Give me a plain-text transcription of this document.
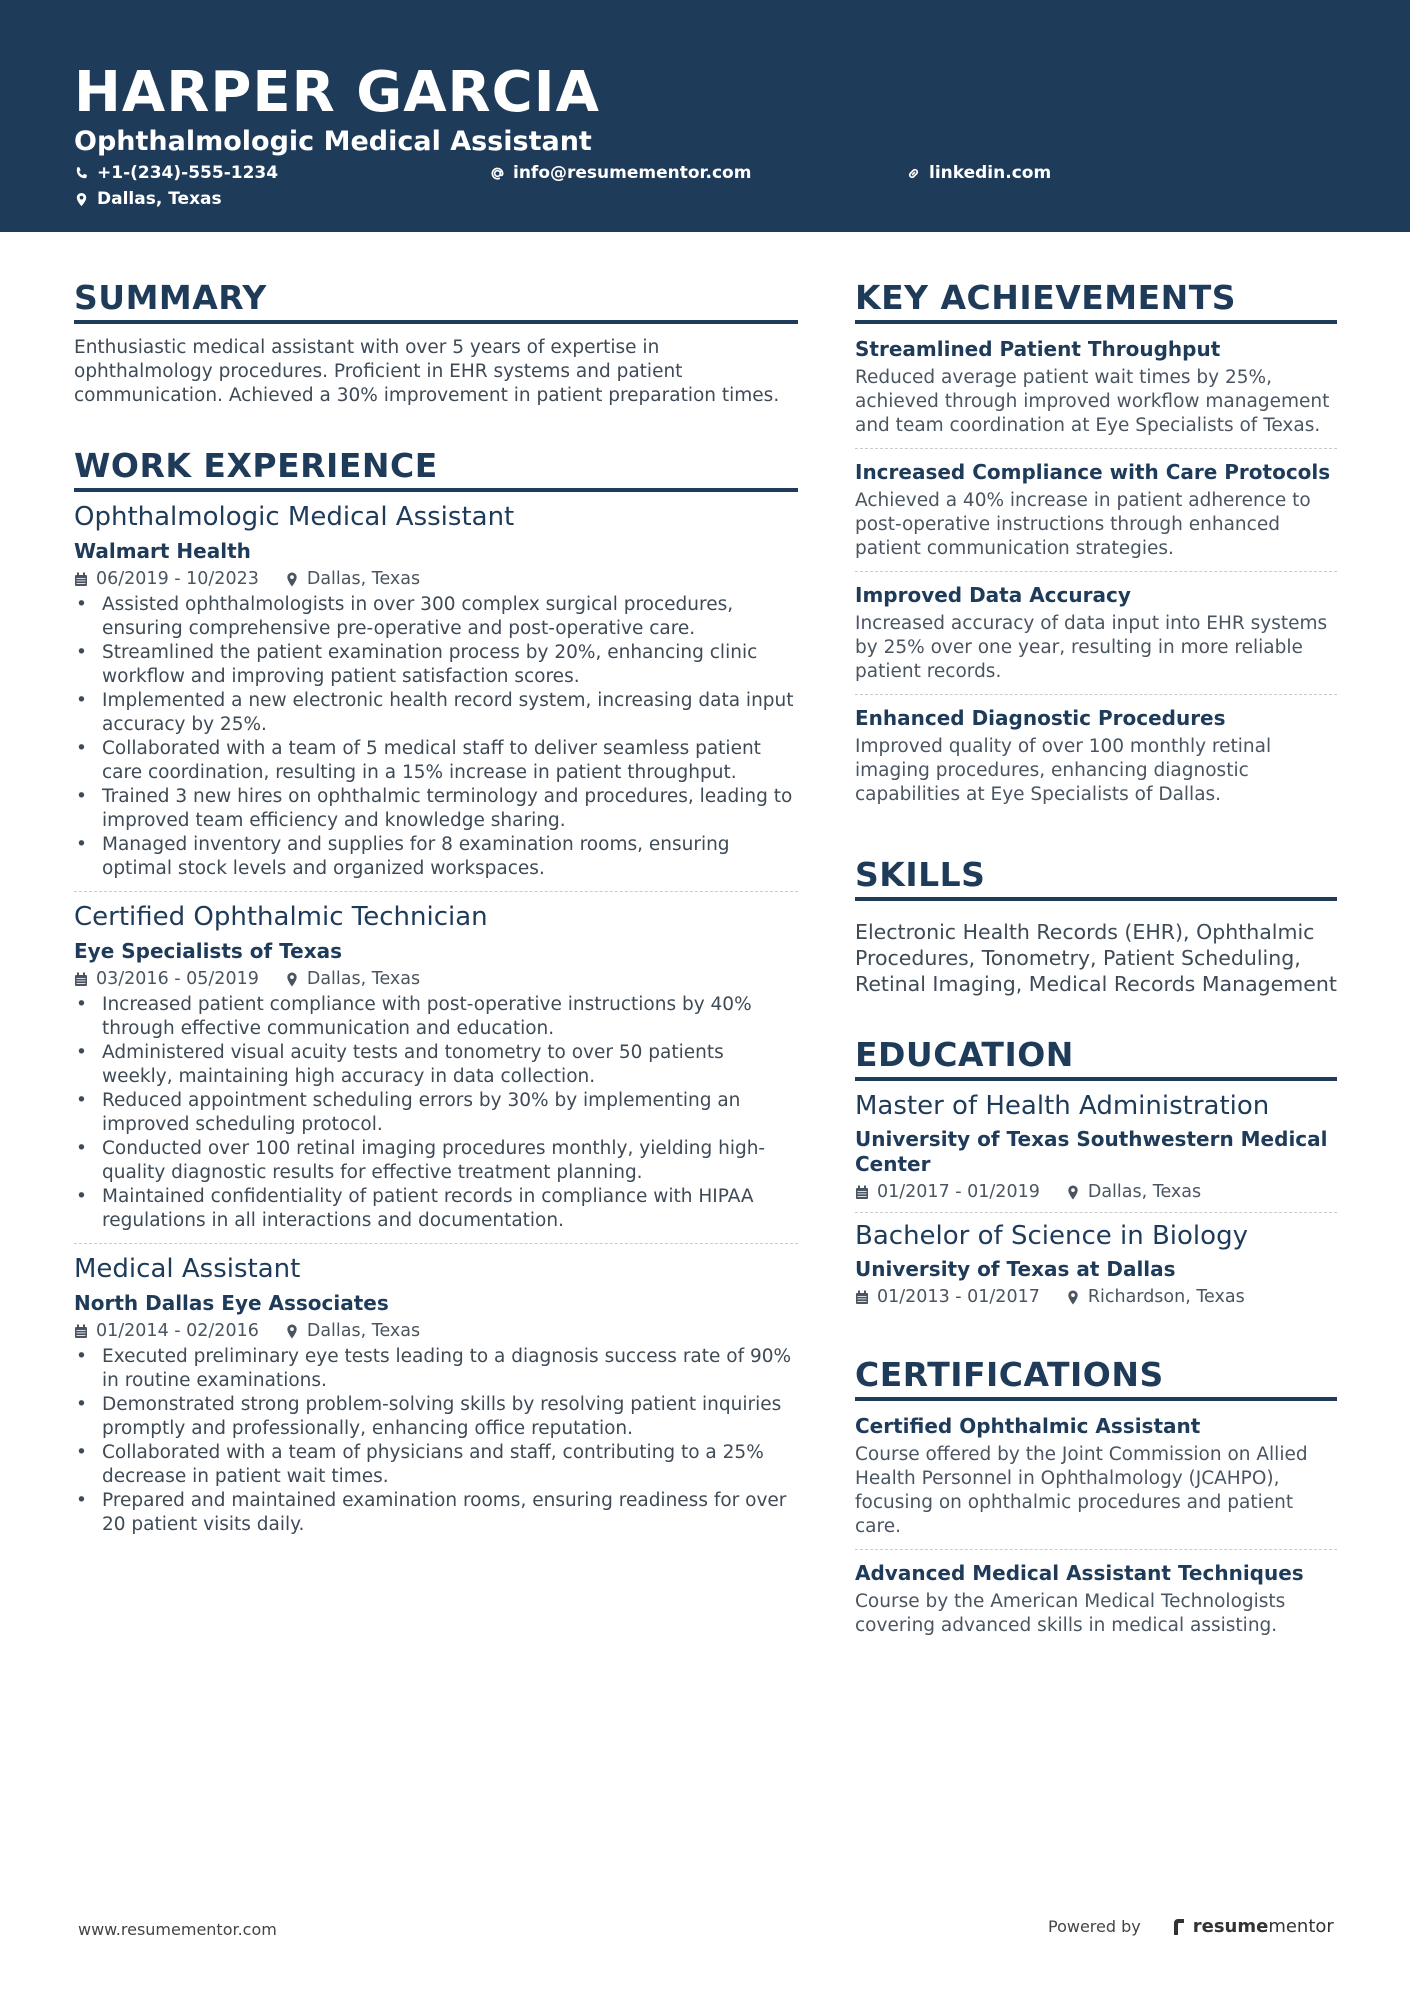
HARPER GARCIA
Ophthalmologic Medical Assistant
+1-(234)-555-1234	info@resumementor.com	linkedin.com
Dallas, Texas
SUMMARY
Enthusiastic medical assistant with over 5 years of expertise in ophthalmology procedures. Proficient in EHR systems and patient communication. Achieved a 30% improvement in patient preparation times.
WORK EXPERIENCE
Ophthalmologic Medical Assistant
Walmart Health
06/2019 - 10/2023	Dallas, Texas
• Assisted ophthalmologists in over 300 complex surgical procedures, ensuring comprehensive pre-operative and post-operative care.
• Streamlined the patient examination process by 20%, enhancing clinic workflow and improving patient satisfaction scores.
• Implemented a new electronic health record system, increasing data input accuracy by 25%.
• Collaborated with a team of 5 medical staff to deliver seamless patient care coordination, resulting in a 15% increase in patient throughput.
• Trained 3 new hires on ophthalmic terminology and procedures, leading to improved team efficiency and knowledge sharing.
• Managed inventory and supplies for 8 examination rooms, ensuring optimal stock levels and organized workspaces.
Certified Ophthalmic Technician
Eye Specialists of Texas
03/2016 - 05/2019	Dallas, Texas
• Increased patient compliance with post-operative instructions by 40% through effective communication and education.
• Administered visual acuity tests and tonometry to over 50 patients weekly, maintaining high accuracy in data collection.
• Reduced appointment scheduling errors by 30% by implementing an improved scheduling protocol.
• Conducted over 100 retinal imaging procedures monthly, yielding high-quality diagnostic results for effective treatment planning.
• Maintained confidentiality of patient records in compliance with HIPAA regulations in all interactions and documentation.
Medical Assistant
North Dallas Eye Associates
01/2014 - 02/2016	Dallas, Texas
• Executed preliminary eye tests leading to a diagnosis success rate of 90% in routine examinations.
• Demonstrated strong problem-solving skills by resolving patient inquiries promptly and professionally, enhancing office reputation.
• Collaborated with a team of physicians and staff, contributing to a 25% decrease in patient wait times.
• Prepared and maintained examination rooms, ensuring readiness for over 20 patient visits daily.
KEY ACHIEVEMENTS
Streamlined Patient Throughput
Reduced average patient wait times by 25%, achieved through improved workflow management and team coordination at Eye Specialists of Texas.
Increased Compliance with Care Protocols
Achieved a 40% increase in patient adherence to post-operative instructions through enhanced patient communication strategies.
Improved Data Accuracy
Increased accuracy of data input into EHR systems by 25% over one year, resulting in more reliable patient records.
Enhanced Diagnostic Procedures
Improved quality of over 100 monthly retinal imaging procedures, enhancing diagnostic capabilities at Eye Specialists of Dallas.
SKILLS
Electronic Health Records (EHR), Ophthalmic Procedures, Tonometry, Patient Scheduling, Retinal Imaging, Medical Records Management
EDUCATION
Master of Health Administration
University of Texas Southwestern Medical Center
01/2017 - 01/2019	Dallas, Texas
Bachelor of Science in Biology
University of Texas at Dallas
01/2013 - 01/2017	Richardson, Texas
CERTIFICATIONS
Certified Ophthalmic Assistant
Course offered by the Joint Commission on Allied Health Personnel in Ophthalmology (JCAHPO), focusing on ophthalmic procedures and patient care.
Advanced Medical Assistant Techniques
Course by the American Medical Technologists covering advanced skills in medical assisting.
www.resumementor.com	Powered by	resumementor
